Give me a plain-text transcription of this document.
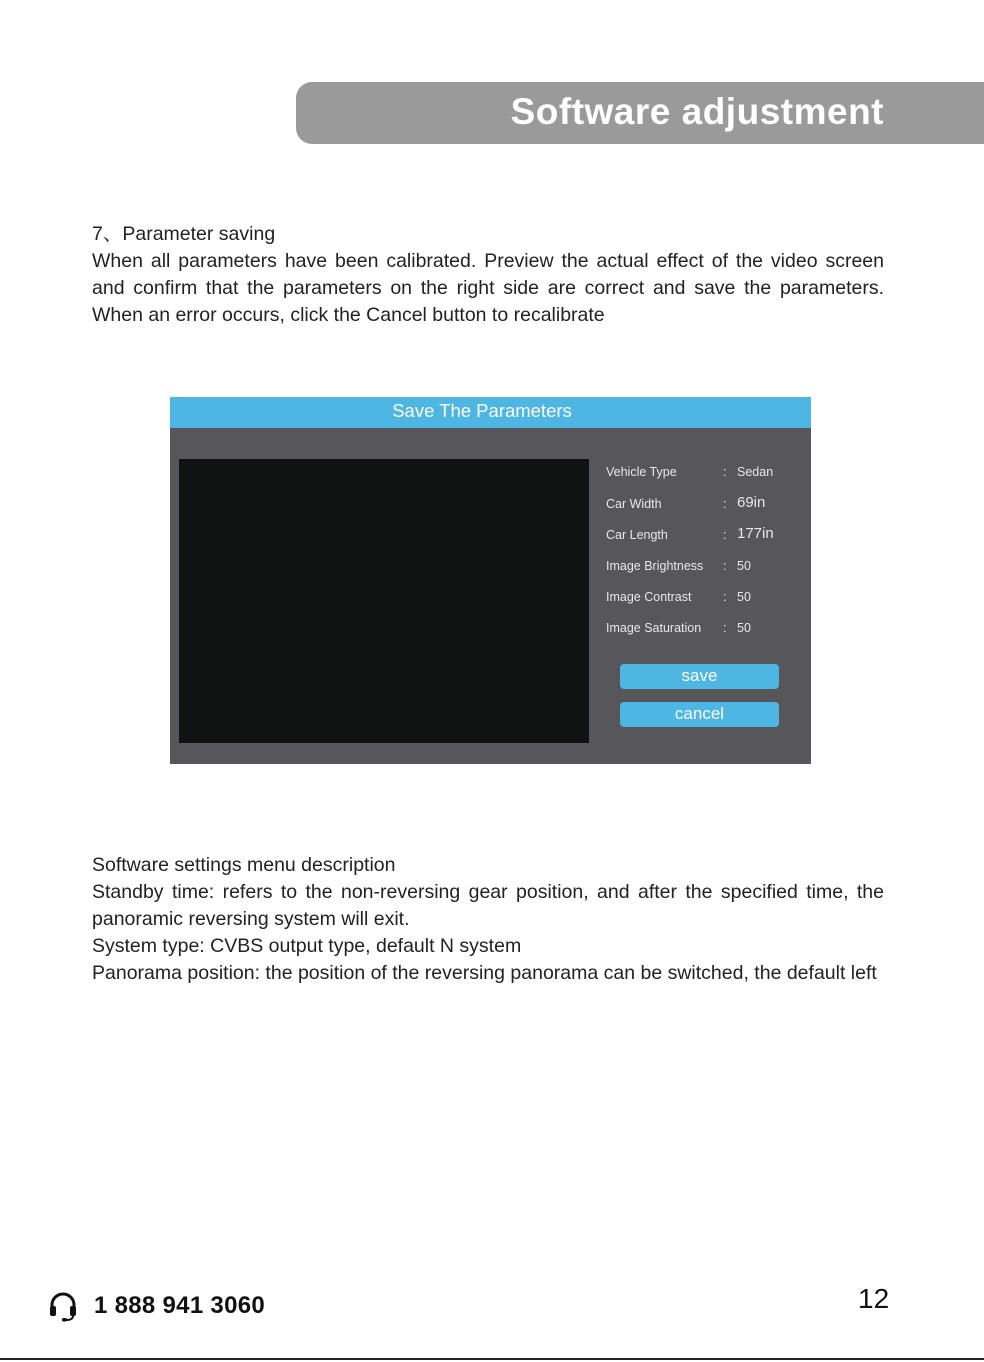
Software adjustment

7、Parameter saving

When all parameters have been calibrated. Preview the actual effect of the video screen and confirm that the parameters on the right side are correct and save the parameters. When an error occurs, click the Cancel button to recalibrate

Save The Parameters
Vehicle Type	: Sedan
Car Width	: 69in
Car Length	: 177in
Image Brightness : 50
Image Contrast	: 50
Image Saturation : 50
save
cancel

Software settings menu description

Standby time: refers to the non-reversing gear position, and after the specified time, the panoramic reversing system will exit.

System type: CVBS output type, default N system

Panorama position: the position of the reversing panorama can be switched, the default left

1 888 941 3060	12
